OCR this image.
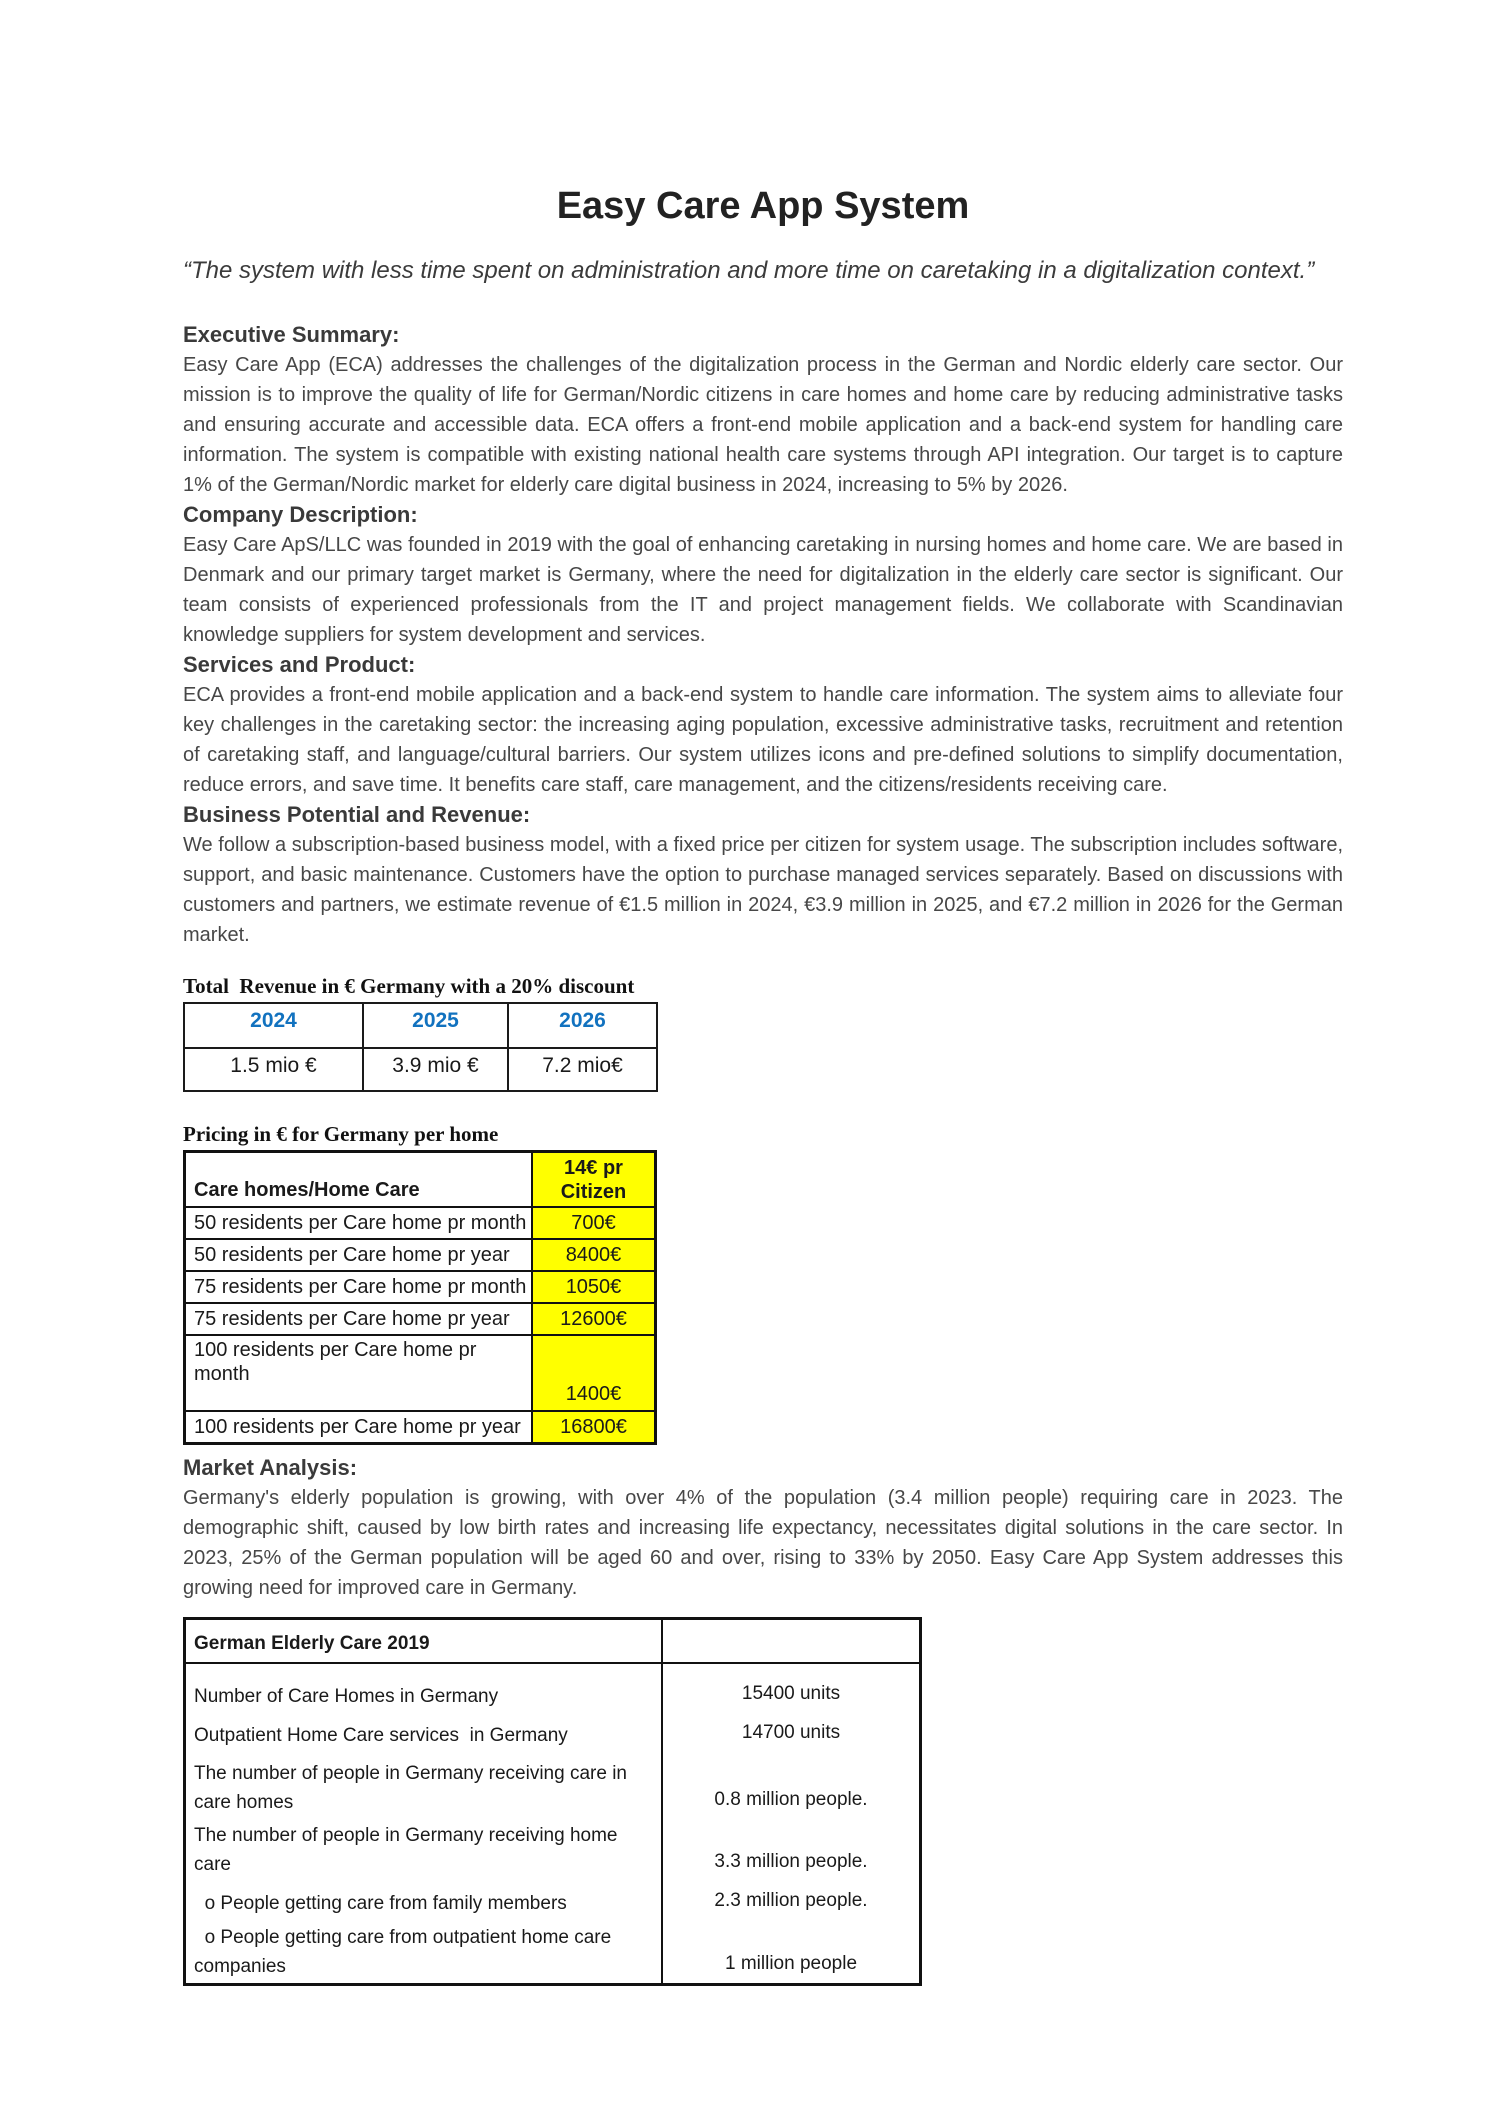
Easy Care App System

“The system with less time spent on administration and more time on caretaking in a digitalization context.”

Executive Summary:

Easy Care App (ECA) addresses the challenges of the digitalization process in the German and Nordic elderly care sector. Our mission is to improve the quality of life for German/Nordic citizens in care homes and home care by reducing administrative tasks and ensuring accurate and accessible data. ECA offers a front-end mobile application and a back-end system for handling care information. The system is compatible with existing national health care systems through API integration. Our target is to capture 1% of the German/Nordic market for elderly care digital business in 2024, increasing to 5% by 2026.

Company Description:

Easy Care ApS/LLC was founded in 2019 with the goal of enhancing caretaking in nursing homes and home care. We are based in Denmark and our primary target market is Germany, where the need for digitalization in the elderly care sector is significant. Our team consists of experienced professionals from the IT and project management fields. We collaborate with Scandinavian knowledge suppliers for system development and services.

Services and Product:

ECA provides a front-end mobile application and a back-end system to handle care information. The system aims to alleviate four key challenges in the caretaking sector: the increasing aging population, excessive administrative tasks, recruitment and retention of caretaking staff, and language/cultural barriers. Our system utilizes icons and pre-defined solutions to simplify documentation, reduce errors, and save time. It benefits care staff, care management, and the citizens/residents receiving care.

Business Potential and Revenue:

We follow a subscription-based business model, with a fixed price per citizen for system usage. The subscription includes software, support, and basic maintenance. Customers have the option to purchase managed services separately. Based on discussions with customers and partners, we estimate revenue of €1.5 million in 2024, €3.9 million in 2025, and €7.2 million in 2026 for the German market.

Total  Revenue in € Germany with a 20% discount

2024	2025	2026
1.5 mio €	3.9 mio €	7.2 mio€

Pricing in € for Germany per home

Care homes/Home Care	14€ pr Citizen
50 residents per Care home pr month	700€
50 residents per Care home pr year	8400€
75 residents per Care home pr month	1050€
75 residents per Care home pr year	12600€
100 residents per Care home pr month	1400€
100 residents per Care home pr year	16800€
Market Analysis:

Germany's elderly population is growing, with over 4% of the population (3.4 million people) requiring care in 2023. The demographic shift, caused by low birth rates and increasing life expectancy, necessitates digital solutions in the care sector. In 2023, 25% of the German population will be aged 60 and over, rising to 33% by 2050. Easy Care App System addresses this growing need for improved care in Germany.

German Elderly Care 2019	
Number of Care Homes in Germany	15400 units
Outpatient Home Care services  in Germany	14700 units
The number of people in Germany receiving care in care homes	0.8 million people.
The number of people in Germany receiving home care	3.3 million people.
o People getting care from family members	2.3 million people.
o People getting care from outpatient home care companies	1 million people
